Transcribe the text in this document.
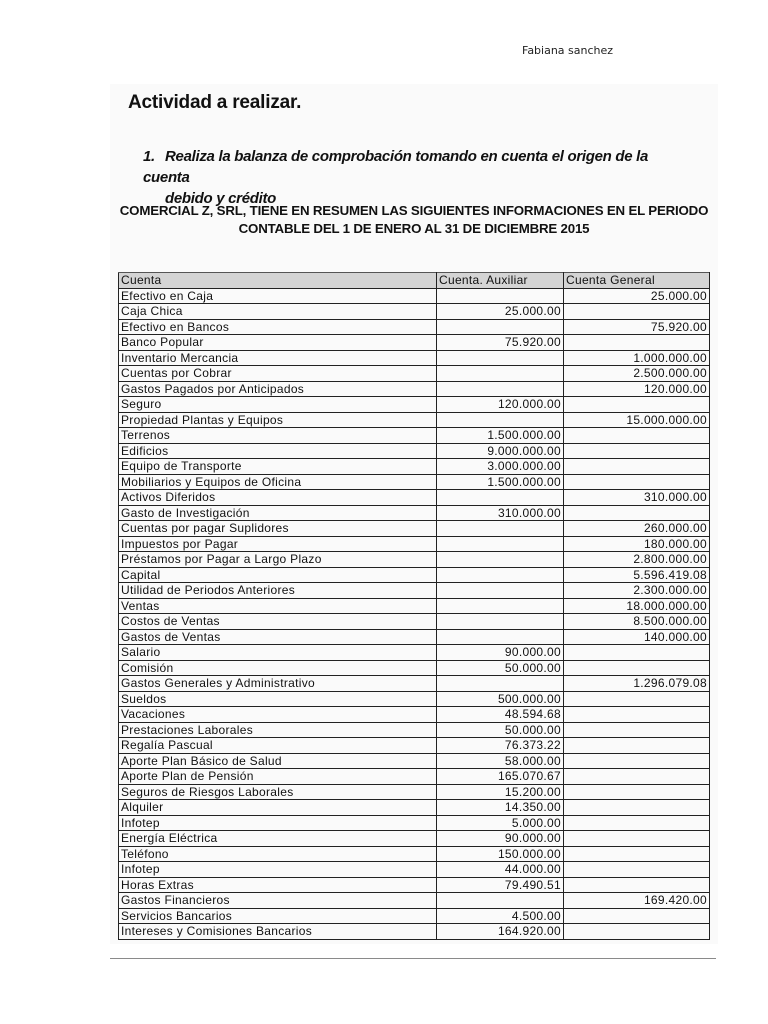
Fabiana sanchez
Actividad a realizar.
1. Realiza la balanza de comprobación tomando en cuenta el origen de la cuenta
debido y crédito
COMERCIAL Z, SRL, TIENE EN RESUMEN LAS SIGUIENTES INFORMACIONES EN EL PERIODO
CONTABLE DEL 1 DE ENERO AL 31 DE DICIEMBRE 2015
Cuenta	Cuenta. Auxiliar	Cuenta General
Efectivo en Caja		25.000.00
Caja Chica	25.000.00	
Efectivo en Bancos		75.920.00
Banco Popular	75.920.00	
Inventario Mercancia		1.000.000.00
Cuentas por Cobrar		2.500.000.00
Gastos Pagados por Anticipados		120.000.00
Seguro	120.000.00	
Propiedad Plantas y Equipos		15.000.000.00
Terrenos	1.500.000.00	
Edificios	9.000.000.00	
Equipo de Transporte	3.000.000.00	
Mobiliarios y Equipos de Oficina	1.500.000.00	
Activos Diferidos		310.000.00
Gasto de Investigación	310.000.00	
Cuentas por pagar Suplidores		260.000.00
Impuestos por Pagar		180.000.00
Préstamos por Pagar a Largo Plazo		2.800.000.00
Capital		5.596.419.08
Utilidad de Periodos Anteriores		2.300.000.00
Ventas		18.000.000.00
Costos de Ventas		8.500.000.00
Gastos de Ventas		140.000.00
Salario	90.000.00	
Comisión	50.000.00	
Gastos Generales y Administrativo		1.296.079.08
Sueldos	500.000.00	
Vacaciones	48.594.68	
Prestaciones Laborales	50.000.00	
Regalía Pascual	76.373.22	
Aporte Plan Básico de Salud	58.000.00	
Aporte Plan de Pensión	165.070.67	
Seguros de Riesgos Laborales	15.200.00	
Alquiler	14.350.00	
Infotep	5.000.00	
Energía Eléctrica	90.000.00	
Teléfono	150.000.00	
Infotep	44.000.00	
Horas Extras	79.490.51	
Gastos Financieros		169.420.00
Servicios Bancarios	4.500.00	
Intereses y Comisiones Bancarios	164.920.00	
